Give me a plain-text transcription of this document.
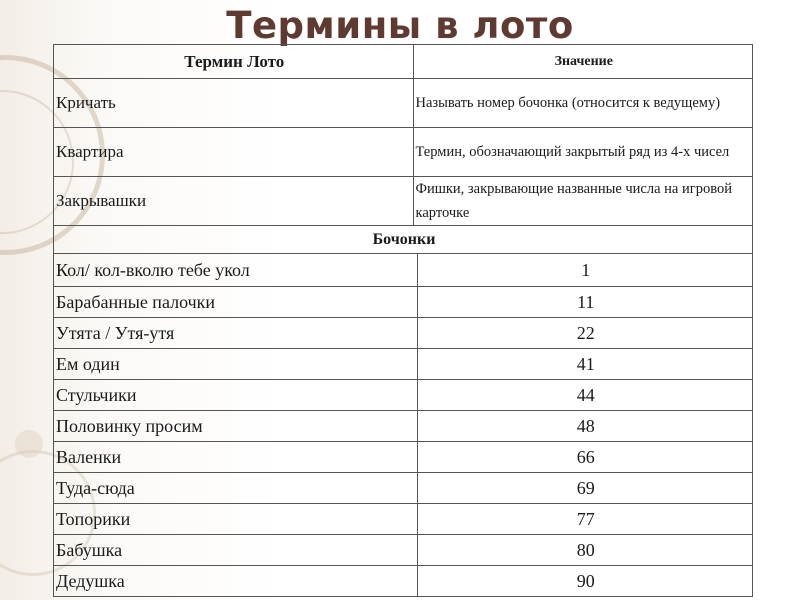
Термины в лото
Термин Лото	Значение	
Кричать	Называть номер бочонка (относится к ведущему)	
Квартира	Термин, обозначающий закрытый ряд из 4-х чисел	
Закрывашки	Фишки, закрывающие названные числа на игровой карточке	
Бочонки		
Кол/ кол-вколю тебе укол		1
Барабанные палочки		11
Утята / Утя-утя		22
Ем один		41
Стульчики		44
Половинку просим		48
Валенки		66
Туда-сюда		69
Топорики		77
Бабушка		80
Дедушка		90
